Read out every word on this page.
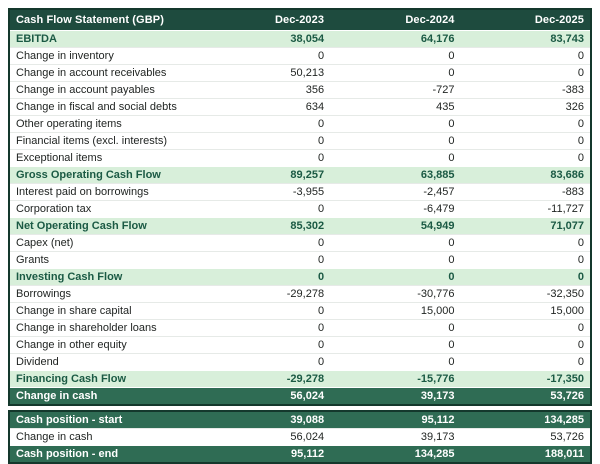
Cash Flow Statement (GBP)	Dec-2023	Dec-2024	Dec-2025
EBITDA	38,054	64,176	83,743
Change in inventory	0	0	0
Change in account receivables	50,213	0	0
Change in account payables	356	-727	-383
Change in fiscal and social debts	634	435	326
Other operating items	0	0	0
Financial items (excl. interests)	0	0	0
Exceptional items	0	0	0
Gross Operating Cash Flow	89,257	63,885	83,686
Interest paid on borrowings	-3,955	-2,457	-883
Corporation tax	0	-6,479	-11,727
Net Operating Cash Flow	85,302	54,949	71,077
Capex (net)	0	0	0
Grants	0	0	0
Investing Cash Flow	0	0	0
Borrowings	-29,278	-30,776	-32,350
Change in share capital	0	15,000	15,000
Change in shareholder loans	0	0	0
Change in other equity	0	0	0
Dividend	0	0	0
Financing Cash Flow	-29,278	-15,776	-17,350
Change in cash	56,024	39,173	53,726
Cash position - start	39,088	95,112	134,285
Change in cash	56,024	39,173	53,726
Cash position - end	95,112	134,285	188,011
